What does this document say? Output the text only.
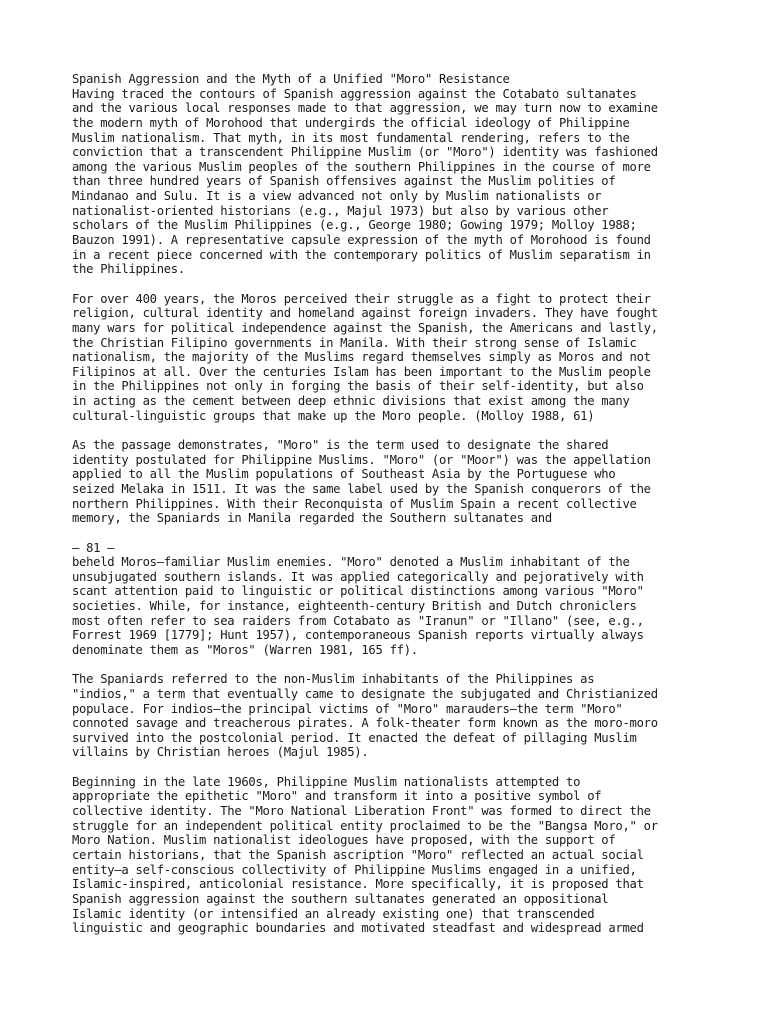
Spanish Aggression and the Myth of a Unified "Moro" Resistance
Having traced the contours of Spanish aggression against the Cotabato sultanates
and the various local responses made to that aggression, we may turn now to examine
the modern myth of Morohood that undergirds the official ideology of Philippine
Muslim nationalism. That myth, in its most fundamental rendering, refers to the
conviction that a transcendent Philippine Muslim (or "Moro") identity was fashioned
among the various Muslim peoples of the southern Philippines in the course of more
than three hundred years of Spanish offensives against the Muslim polities of
Mindanao and Sulu. It is a view advanced not only by Muslim nationalists or
nationalist-oriented historians (e.g., Majul 1973) but also by various other
scholars of the Muslim Philippines (e.g., George 1980; Gowing 1979; Molloy 1988;
Bauzon 1991). A representative capsule expression of the myth of Morohood is found
in a recent piece concerned with the contemporary politics of Muslim separatism in
the Philippines.
For over 400 years, the Moros perceived their struggle as a fight to protect their
religion, cultural identity and homeland against foreign invaders. They have fought
many wars for political independence against the Spanish, the Americans and lastly,
the Christian Filipino governments in Manila. With their strong sense of Islamic
nationalism, the majority of the Muslims regard themselves simply as Moros and not
Filipinos at all. Over the centuries Islam has been important to the Muslim people
in the Philippines not only in forging the basis of their self-identity, but also
in acting as the cement between deep ethnic divisions that exist among the many
cultural-linguistic groups that make up the Moro people. (Molloy 1988, 61)
As the passage demonstrates, "Moro" is the term used to designate the shared
identity postulated for Philippine Muslims. "Moro" (or "Moor") was the appellation
applied to all the Muslim populations of Southeast Asia by the Portuguese who
seized Melaka in 1511. It was the same label used by the Spanish conquerors of the
northern Philippines. With their Reconquista of Muslim Spain a recent collective
memory, the Spaniards in Manila regarded the Southern sultanates and
— 81 —
beheld Moros—familiar Muslim enemies. "Moro" denoted a Muslim inhabitant of the
unsubjugated southern islands. It was applied categorically and pejoratively with
scant attention paid to linguistic or political distinctions among various "Moro"
societies. While, for instance, eighteenth-century British and Dutch chroniclers
most often refer to sea raiders from Cotabato as "Iranun" or "Illano" (see, e.g.,
Forrest 1969 [1779]; Hunt 1957), contemporaneous Spanish reports virtually always
denominate them as "Moros" (Warren 1981, 165 ff).
The Spaniards referred to the non-Muslim inhabitants of the Philippines as
"indios," a term that eventually came to designate the subjugated and Christianized
populace. For indios—the principal victims of "Moro" marauders—the term "Moro"
connoted savage and treacherous pirates. A folk-theater form known as the moro-moro
survived into the postcolonial period. It enacted the defeat of pillaging Muslim
villains by Christian heroes (Majul 1985).
Beginning in the late 1960s, Philippine Muslim nationalists attempted to
appropriate the epithetic "Moro" and transform it into a positive symbol of
collective identity. The "Moro National Liberation Front" was formed to direct the
struggle for an independent political entity proclaimed to be the "Bangsa Moro," or
Moro Nation. Muslim nationalist ideologues have proposed, with the support of
certain historians, that the Spanish ascription "Moro" reflected an actual social
entity—a self-conscious collectivity of Philippine Muslims engaged in a unified,
Islamic-inspired, anticolonial resistance. More specifically, it is proposed that
Spanish aggression against the southern sultanates generated an oppositional
Islamic identity (or intensified an already existing one) that transcended
linguistic and geographic boundaries and motivated steadfast and widespread armed
